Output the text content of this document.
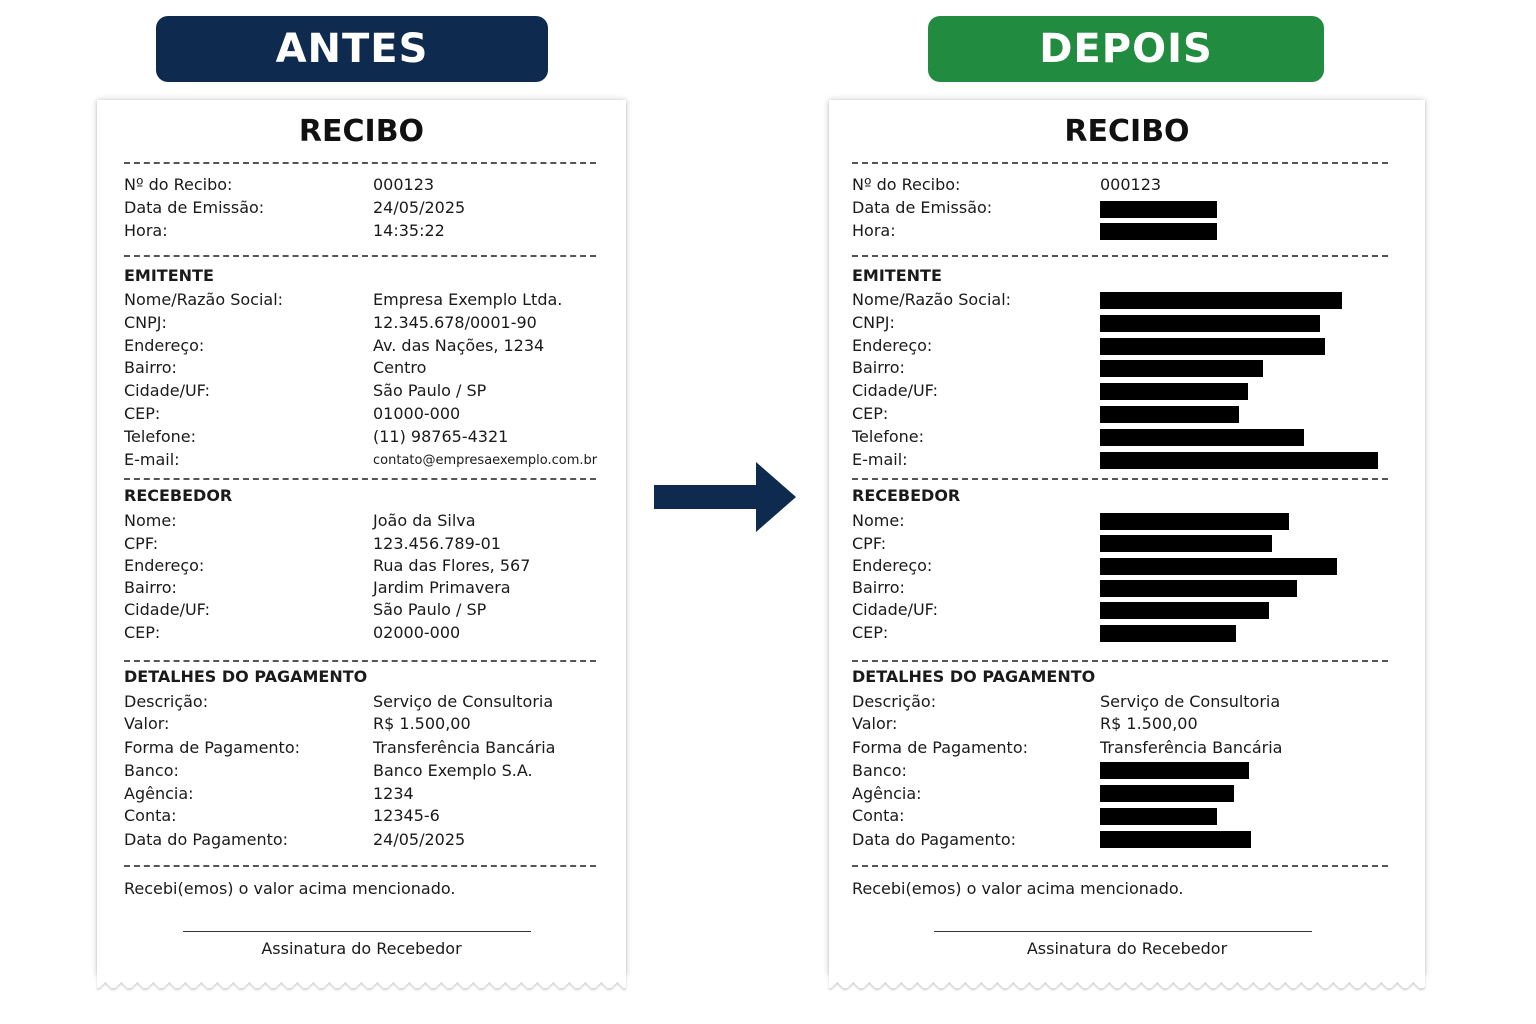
ANTES	DEPOIS
RECIBO
Nº do Recibo:	000123
Data de Emissão:	24/05/2025
Hora:	14:35:22
EMITENTE
Nome/Razão Social:	Empresa Exemplo Ltda.
CNPJ:	12.345.678/0001-90
Endereço:	Av. das Nações, 1234
Bairro:	Centro
Cidade/UF:	São Paulo / SP
CEP:	01000-000
Telefone:	(11) 98765-4321
E-mail:	contato@empresaexemplo.com.br
RECEBEDOR
Nome:	João da Silva
CPF:	123.456.789-01
Endereço:	Rua das Flores, 567
Bairro:	Jardim Primavera
Cidade/UF:	São Paulo / SP
CEP:	02000-000
DETALHES DO PAGAMENTO
Descrição:	Serviço de Consultoria
Valor:	R$ 1.500,00
Forma de Pagamento:	Transferência Bancária
Banco:	Banco Exemplo S.A.
Agência:	1234
Conta:	12345-6
Data do Pagamento:	24/05/2025
Recebi(emos) o valor acima mencionado.
Assinatura do Recebedor
RECIBO
Nº do Recibo:	000123
Data de Emissão:
Hora:
EMITENTE
Nome/Razão Social:
CNPJ:
Endereço:
Bairro:
Cidade/UF:
CEP:
Telefone:
E-mail:
RECEBEDOR
Nome:
CPF:
Endereço:
Bairro:
Cidade/UF:
CEP:
DETALHES DO PAGAMENTO
Descrição:	Serviço de Consultoria
Valor:	R$ 1.500,00
Forma de Pagamento:	Transferência Bancária
Banco:
Agência:
Conta:
Data do Pagamento:
Recebi(emos) o valor acima mencionado.
Assinatura do Recebedor
